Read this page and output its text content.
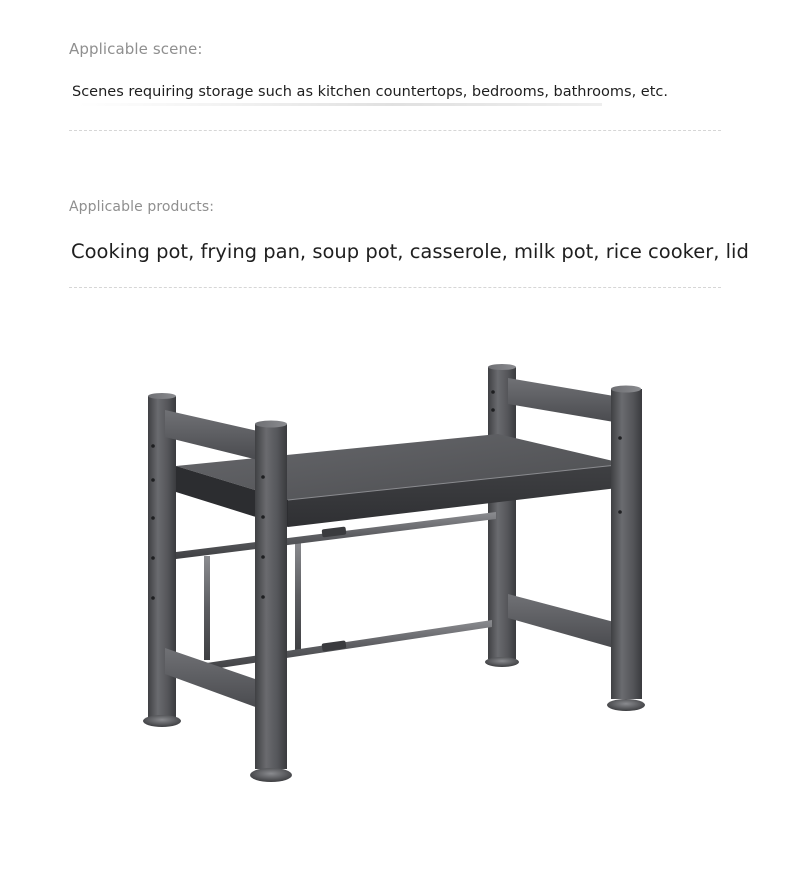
Applicable scene:
Scenes requiring storage such as kitchen countertops, bedrooms, bathrooms, etc.
Applicable products:
Cooking pot, frying pan, soup pot, casserole, milk pot, rice cooker, lid
